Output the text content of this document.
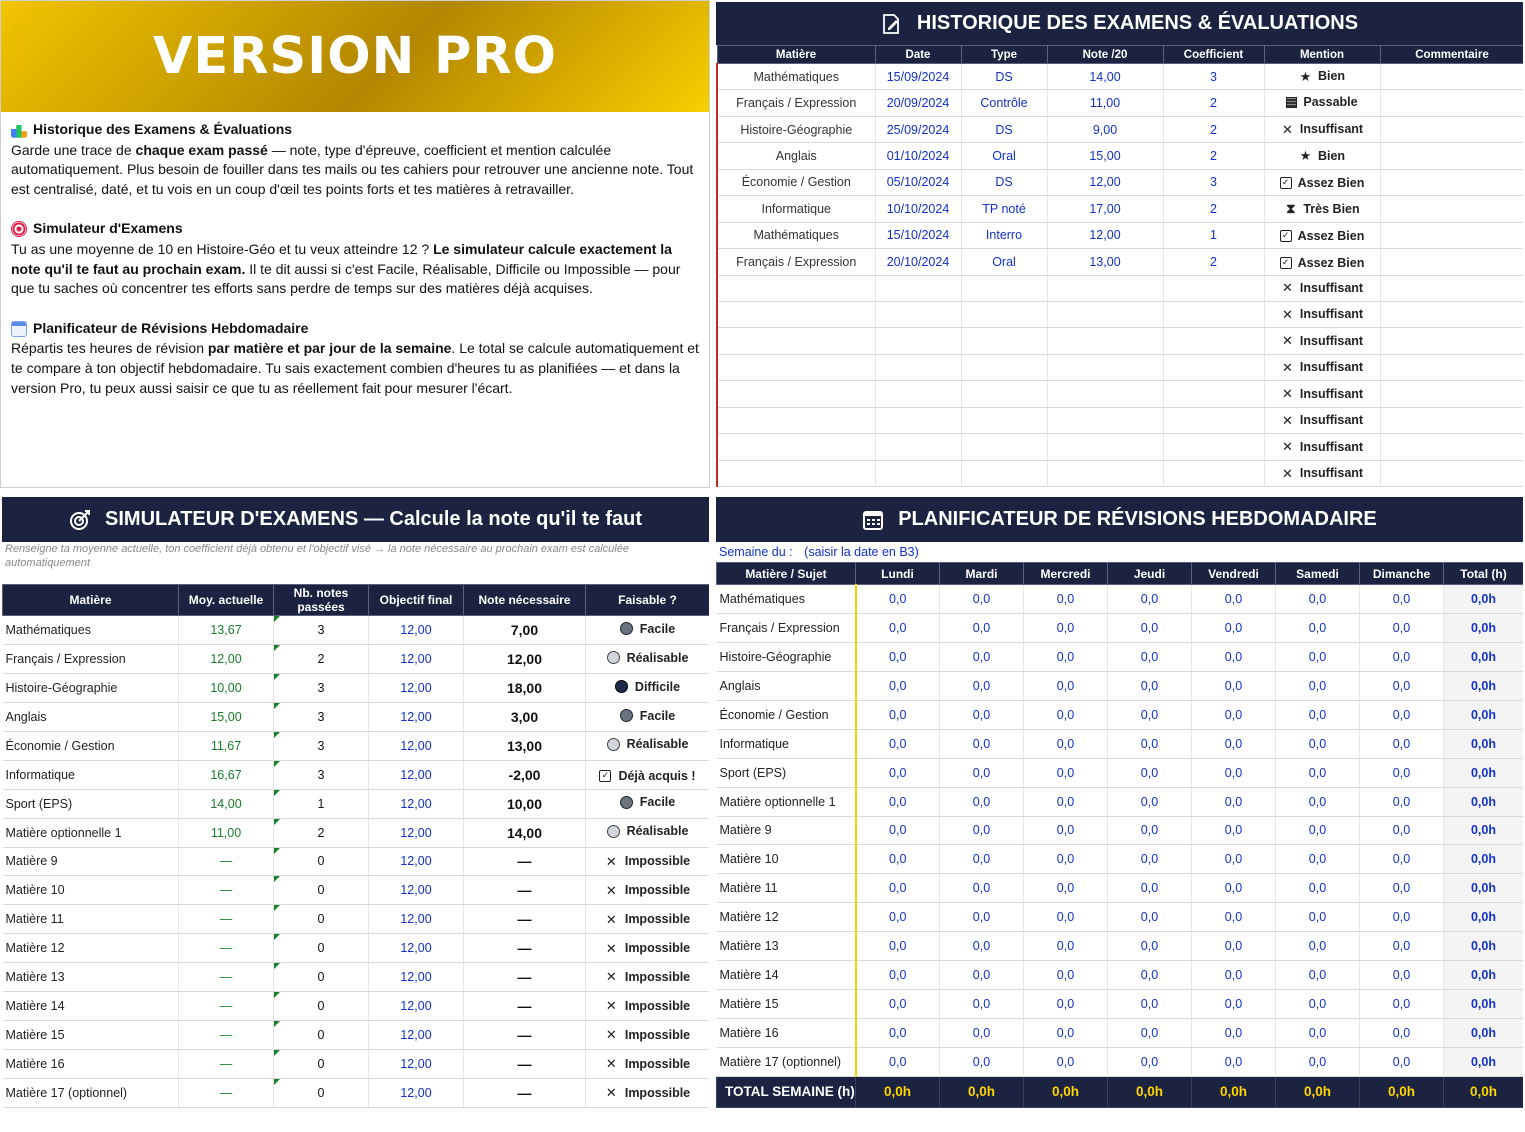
VERSION PRO
Historique des Examens & Évaluations
Garde une trace de chaque exam passé — note, type d'épreuve, coefficient et mention calculée automatiquement. Plus besoin de fouiller dans tes mails ou tes cahiers pour retrouver une ancienne note. Tout est centralisé, daté, et tu vois en un coup d'œil tes points forts et tes matières à retravailler.
Simulateur d'Examens
Tu as une moyenne de 10 en Histoire-Géo et tu veux atteindre 12 ? Le simulateur calcule exactement la note qu'il te faut au prochain exam. Il te dit aussi si c'est Facile, Réalisable, Difficile ou Impossible — pour que tu saches où concentrer tes efforts sans perdre de temps sur des matières déjà acquises.
Planificateur de Révisions Hebdomadaire
Répartis tes heures de révision par matière et par jour de la semaine. Le total se calcule automatiquement et te compare à ton objectif hebdomadaire. Tu sais exactement combien d'heures tu as planifiées — et dans la version Pro, tu peux aussi saisir ce que tu as réellement fait pour mesurer l'écart.
HISTORIQUE DES EXAMENS & ÉVALUATIONS
Matière	Date	Type	Note /20	Coefficient	Mention	Commentaire
Mathématiques	15/09/2024	DS	14,00	3	★ Bien	

Français / Expression	20/09/2024	Contrôle	11,00	2	Passable	

Histoire-Géographie	25/09/2024	DS	9,00	2	✕ Insuffisant	

Anglais	01/10/2024	Oral	15,00	2	★ Bien	

Économie / Gestion	05/10/2024	DS	12,00	3	✓ Assez Bien	

Informatique	10/10/2024	TP noté	17,00	2	⧗ Très Bien	

Mathématiques	15/10/2024	Interro	12,00	1	✓ Assez Bien	

Français / Expression	20/10/2024	Oral	13,00	2	✓ Assez Bien	

					✕ Insuffisant	

					✕ Insuffisant	

					✕ Insuffisant	

					✕ Insuffisant	

					✕ Insuffisant	

					✕ Insuffisant	

					✕ Insuffisant	

					✕ Insuffisant	

SIMULATEUR D'EXAMENS — Calcule la note qu'il te faut
Renseigne ta moyenne actuelle, ton coefficient déjà obtenu et l'objectif visé → la note nécessaire au prochain exam est calculée automatiquement
Matière	Moy. actuelle	Nb. notes passées	Objectif final	Note nécessaire	Faisable ?
Mathématiques	13,67	3	12,00	7,00	Facile

Français / Expression	12,00	2	12,00	12,00	Réalisable

Histoire-Géographie	10,00	3	12,00	18,00	Difficile

Anglais	15,00	3	12,00	3,00	Facile

Économie / Gestion	11,67	3	12,00	13,00	Réalisable

Informatique	16,67	3	12,00	-2,00	✓ Déjà acquis !

Sport (EPS)	14,00	1	12,00	10,00	Facile

Matière optionnelle 1	11,00	2	12,00	14,00	Réalisable

Matière 9	—	0	12,00	—	✕ Impossible

Matière 10	—	0	12,00	—	✕ Impossible

Matière 11	—	0	12,00	—	✕ Impossible

Matière 12	—	0	12,00	—	✕ Impossible

Matière 13	—	0	12,00	—	✕ Impossible

Matière 14	—	0	12,00	—	✕ Impossible

Matière 15	—	0	12,00	—	✕ Impossible

Matière 16	—	0	12,00	—	✕ Impossible

Matière 17 (optionnel)	—	0	12,00	—	✕ Impossible
PLANIFICATEUR DE RÉVISIONS HEBDOMADAIRE
Semaine du : (saisir la date en B3)
Matière / Sujet	Lundi	Mardi	Mercredi	Jeudi	Vendredi	Samedi	Dimanche	Total (h)
Mathématiques	0,0	0,0	0,0	0,0	0,0	0,0	0,0	0,0h
Français / Expression	0,0	0,0	0,0	0,0	0,0	0,0	0,0	0,0h
Histoire-Géographie	0,0	0,0	0,0	0,0	0,0	0,0	0,0	0,0h
Anglais	0,0	0,0	0,0	0,0	0,0	0,0	0,0	0,0h
Économie / Gestion	0,0	0,0	0,0	0,0	0,0	0,0	0,0	0,0h
Informatique	0,0	0,0	0,0	0,0	0,0	0,0	0,0	0,0h
Sport (EPS)	0,0	0,0	0,0	0,0	0,0	0,0	0,0	0,0h
Matière optionnelle 1	0,0	0,0	0,0	0,0	0,0	0,0	0,0	0,0h
Matière 9	0,0	0,0	0,0	0,0	0,0	0,0	0,0	0,0h
Matière 10	0,0	0,0	0,0	0,0	0,0	0,0	0,0	0,0h
Matière 11	0,0	0,0	0,0	0,0	0,0	0,0	0,0	0,0h
Matière 12	0,0	0,0	0,0	0,0	0,0	0,0	0,0	0,0h
Matière 13	0,0	0,0	0,0	0,0	0,0	0,0	0,0	0,0h
Matière 14	0,0	0,0	0,0	0,0	0,0	0,0	0,0	0,0h
Matière 15	0,0	0,0	0,0	0,0	0,0	0,0	0,0	0,0h
Matière 16	0,0	0,0	0,0	0,0	0,0	0,0	0,0	0,0h
Matière 17 (optionnel)	0,0	0,0	0,0	0,0	0,0	0,0	0,0	0,0h
TOTAL SEMAINE (h)	0,0h	0,0h	0,0h	0,0h	0,0h	0,0h	0,0h	0,0h
